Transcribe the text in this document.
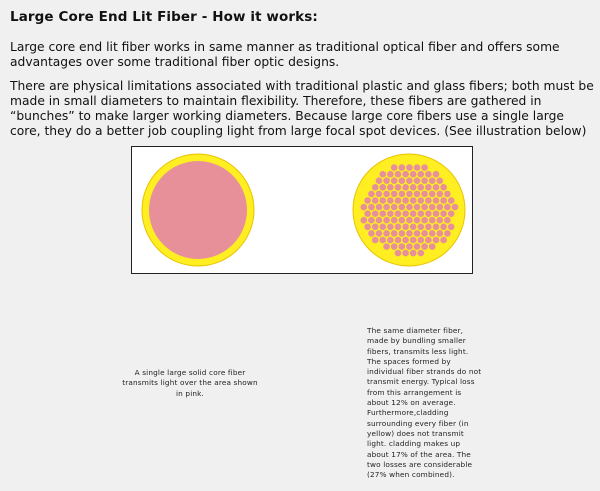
Large Core End Lit Fiber - How it works:

Large core end lit fiber works in same manner as traditional optical fiber and offers some advantages over some traditional fiber optic designs.

There are physical limitations associated with traditional plastic and glass fibers; both must be made in small diameters to maintain flexibility. Therefore, these fibers are gathered in “bunches” to make larger working diameters. Because large core fibers use a single large core, they do a better job coupling light from large focal spot devices. (See illustration below)

A single large solid core fiber transmits light over the area shown in pink.

The same diameter fiber, made by bundling smaller fibers, transmits less light. The spaces formed by individual fiber strands do not transmit energy. Typical loss from this arrangement is about 12% on average. Furthermore,cladding surrounding every fiber (in yellow) does not transmit light. cladding makes up about 17% of the area. The two losses are considerable (27% when combined).
